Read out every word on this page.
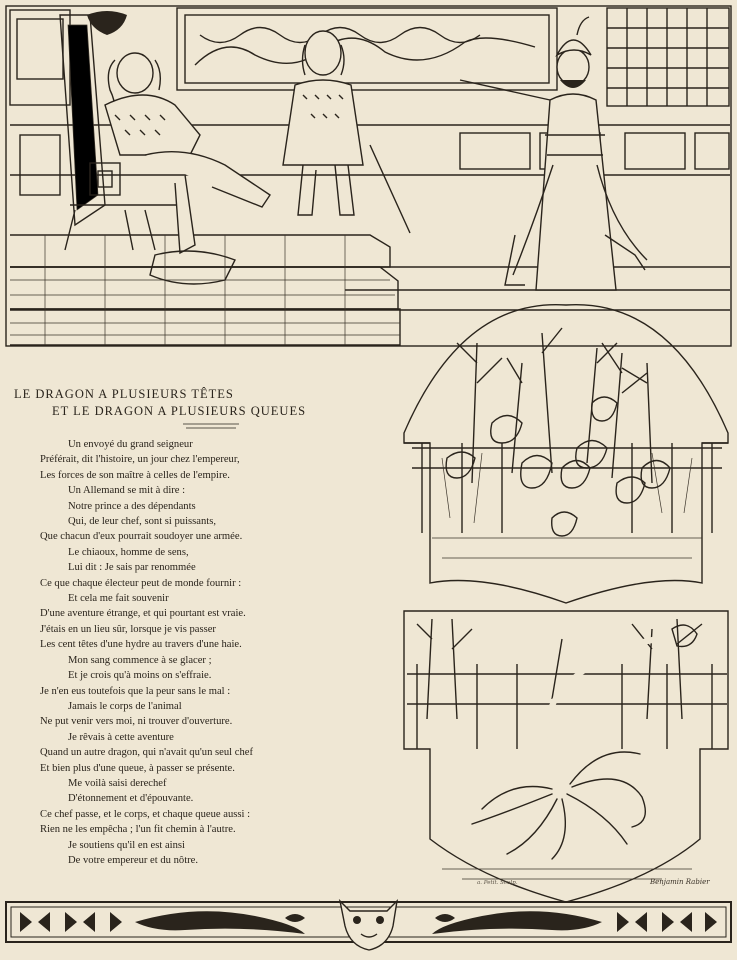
LE DRAGON A PLUSIEURS TÊTES
ET LE DRAGON A PLUSIEURS QUEUES
Un envoyé du grand seigneur
Préférait, dit l'histoire, un jour chez l'empereur,
Les forces de son maître à celles de l'empire.
Un Allemand se mit à dire :
Notre prince a des dépendants
Qui, de leur chef, sont si puissants,
Que chacun d'eux pourrait soudoyer une armée.
Le chiaoux, homme de sens,
Lui dit : Je sais par renommée
Ce que chaque électeur peut de monde fournir :
Et cela me fait souvenir
D'une aventure étrange, et qui pourtant est vraie.
J'étais en un lieu sûr, lorsque je vis passer
Les cent têtes d'une hydre au travers d'une haie.
Mon sang commence à se glacer ;
Et je crois qu'à moins on s'effraie.
Je n'en eus toutefois que la peur sans le mal :
Jamais le corps de l'animal
Ne put venir vers moi, ni trouver d'ouverture.
Je rêvais à cette aventure
Quand un autre dragon, qui n'avait qu'un seul chef
Et bien plus d'une queue, à passer se présente.
Me voilà saisi derechef
D'étonnement et d'épouvante.
Ce chef passe, et le corps, et chaque queue aussi :
Rien ne les empêcha ; l'un fit chemin à l'autre.
Je soutiens qu'il en est ainsi
De votre empereur et du nôtre.
a. Petit. Sculp.	Benjamin Rabier
